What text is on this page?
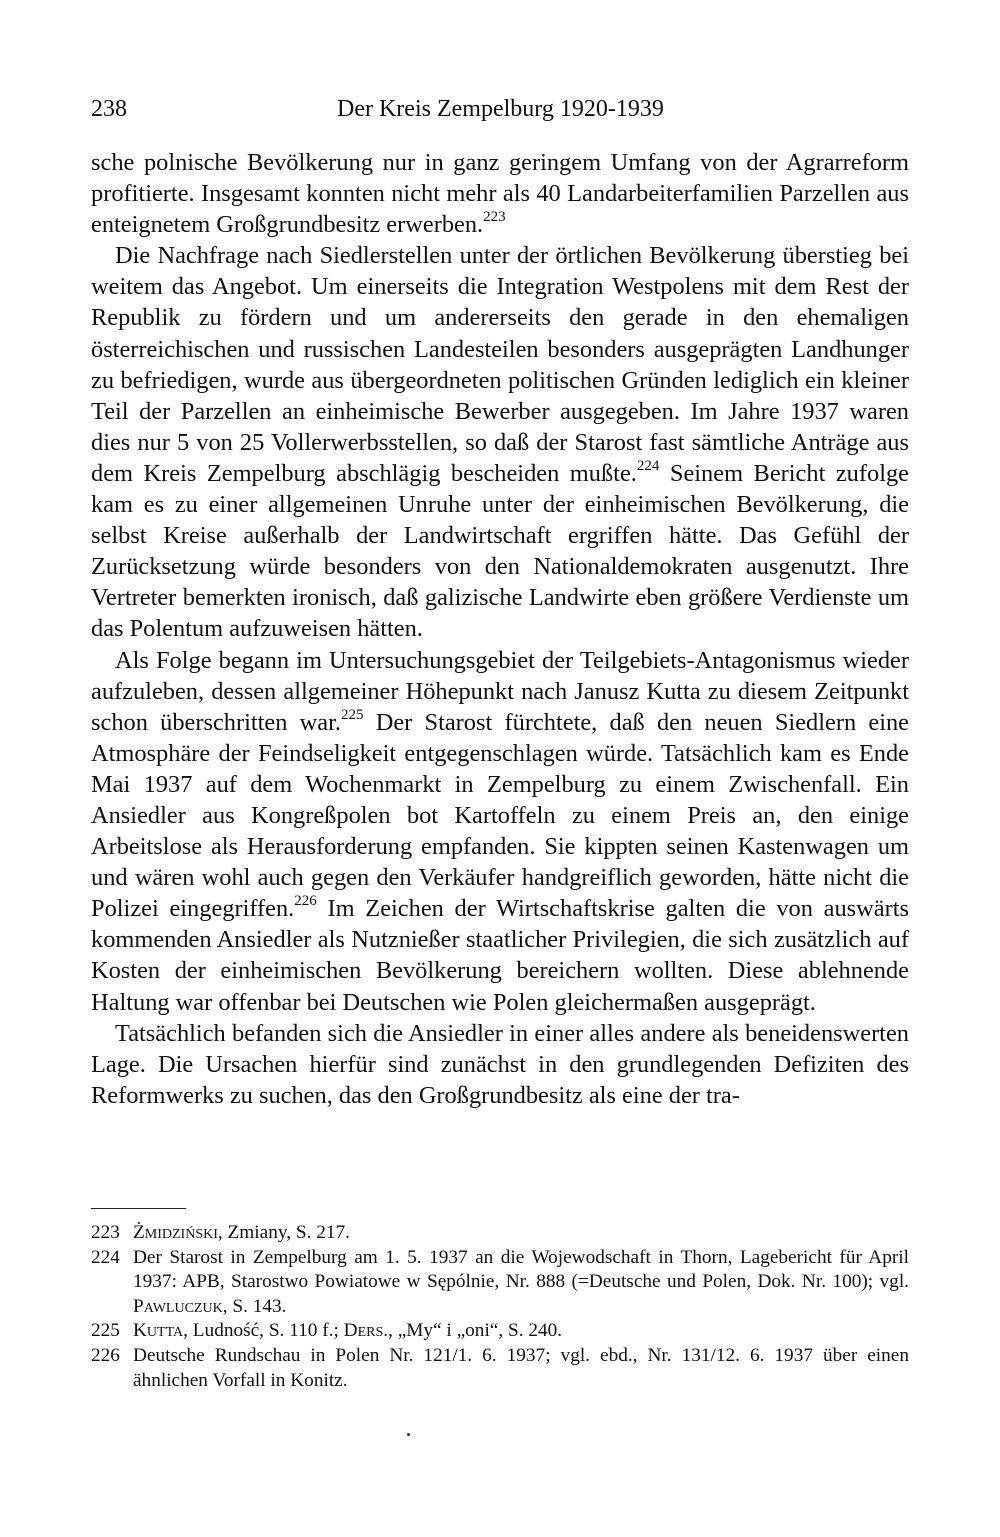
238	Der Kreis Zempelburg 1920-1939

sche polnische Bevölkerung nur in ganz geringem Umfang von der Agrarreform profitierte. Insgesamt konnten nicht mehr als 40 Landarbeiterfamilien Parzellen aus enteignetem Großgrundbesitz erwerben.$^{223}$

Die Nachfrage nach Siedlerstellen unter der örtlichen Bevölkerung überstieg bei weitem das Angebot. Um einerseits die Integration Westpolens mit dem Rest der Republik zu fördern und um andererseits den gerade in den ehemaligen österreichischen und russischen Landesteilen besonders ausgeprägten Landhunger zu befriedigen, wurde aus übergeordneten politischen Gründen lediglich ein kleiner Teil der Parzellen an einheimische Bewerber ausgegeben. Im Jahre 1937 waren dies nur 5 von 25 Vollerwerbsstellen, so daß der Starost fast sämtliche Anträge aus dem Kreis Zempelburg abschlägig bescheiden mußte.$^{224}$ Seinem Bericht zufolge kam es zu einer allgemeinen Unruhe unter der einheimischen Bevölkerung, die selbst Kreise außerhalb der Landwirtschaft ergriffen hätte. Das Gefühl der Zurücksetzung würde besonders von den Nationaldemokraten ausgenutzt. Ihre Vertreter bemerkten ironisch, daß galizische Landwirte eben größere Verdienste um das Polentum aufzuweisen hätten.

Als Folge begann im Untersuchungsgebiet der Teilgebiets-Antagonismus wieder aufzuleben, dessen allgemeiner Höhepunkt nach Janusz Kutta zu diesem Zeitpunkt schon überschritten war.$^{225}$ Der Starost fürchtete, daß den neuen Siedlern eine Atmosphäre der Feindseligkeit entgegenschlagen würde. Tatsächlich kam es Ende Mai 1937 auf dem Wochenmarkt in Zempelburg zu einem Zwischenfall. Ein Ansiedler aus Kongreßpolen bot Kartoffeln zu einem Preis an, den einige Arbeitslose als Herausforderung empfanden. Sie kippten seinen Kastenwagen um und wären wohl auch gegen den Verkäufer handgreiflich geworden, hätte nicht die Polizei eingegriffen.$^{226}$ Im Zeichen der Wirtschaftskrise galten die von auswärts kommenden Ansiedler als Nutznießer staatlicher Privilegien, die sich zusätzlich auf Kosten der einheimischen Bevölkerung bereichern wollten. Diese ablehnende Haltung war offenbar bei Deutschen wie Polen gleichermaßen ausgeprägt.

Tatsächlich befanden sich die Ansiedler in einer alles andere als beneidenswerten Lage. Die Ursachen hierfür sind zunächst in den grundlegenden Defiziten des Reformwerks zu suchen, das den Großgrundbesitz als eine der tra-

223 Żmidziński, Zmiany, S. 217.

224 Der Starost in Zempelburg am 1. 5. 1937 an die Wojewodschaft in Thorn, Lagebericht für April 1937: APB, Starostwo Powiatowe w Sępólnie, Nr. 888 (=Deutsche und Polen, Dok. Nr. 100); vgl. Pawluczuk, S. 143.

225 Kutta, Ludność, S. 110 f.; Ders., „My“ i „oni“, S. 240.

226 Deutsche Rundschau in Polen Nr. 121/1. 6. 1937; vgl. ebd., Nr. 131/12. 6. 1937 über einen ähnlichen Vorfall in Konitz.
